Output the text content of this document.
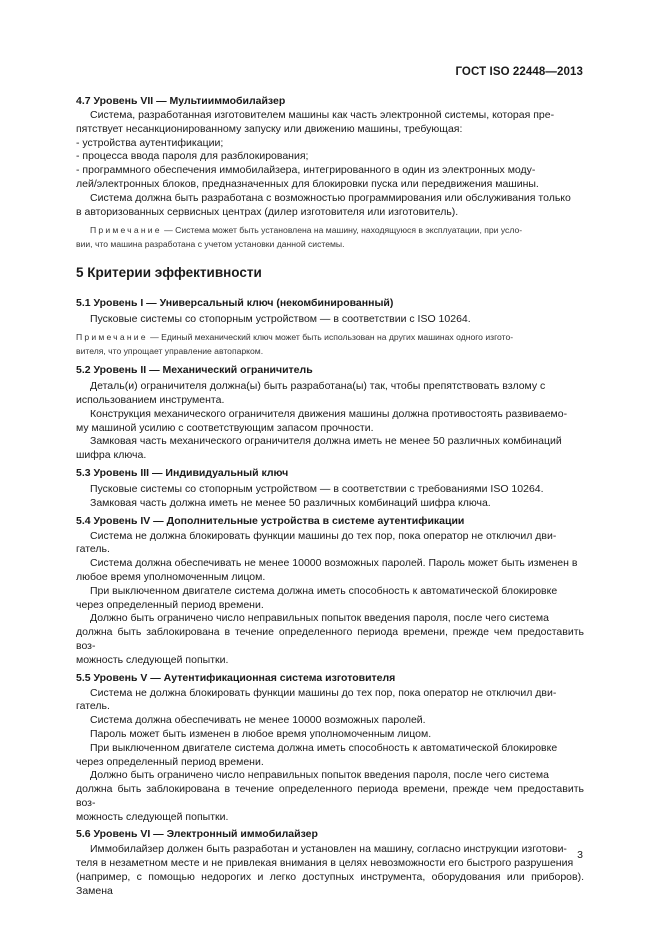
ГОСТ ISO 22448—2013
4.7 Уровень VII — Мультииммобилайзер

Система, разработанная изготовителем машины как часть электронной системы, которая пре-

пятствует несанкционированному запуску или движению машины, требующая:

- устройства аутентификации;

- процесса ввода пароля для разблокирования;

- программного обеспечения иммобилайзера, интегрированного в один из электронных моду-

лей/электронных блоков, предназначенных для блокировки пуска или передвижения машины.

Система должна быть разработана с возможностью программирования или обслуживания только

в авторизованных сервисных центрах (дилер изготовителя или изготовитель).

Примечание — Система может быть установлена на машину, находящуюся в эксплуатации, при усло-

вии, что машина разработана с учетом установки данной системы.

5 Критерии эффективности
5.1 Уровень I — Универсальный ключ (некомбинированный)

Пусковые системы со стопорным устройством — в соответствии с ISO 10264.

Примечание — Единый механический ключ может быть использован на других машинах одного изгото-

вителя, что упрощает управление автопарком.

5.2 Уровень II — Механический ограничитель

Деталь(и) ограничителя должна(ы) быть разработана(ы) так, чтобы препятствовать взлому с

использованием инструмента.

Конструкция механического ограничителя движения машины должна противостоять развиваемо-

му машиной усилию с соответствующим запасом прочности.

Замковая часть механического ограничителя должна иметь не менее 50 различных комбинаций

шифра ключа.

5.3 Уровень III — Индивидуальный ключ

Пусковые системы со стопорным устройством — в соответствии с требованиями ISO 10264.

Замковая часть должна иметь не менее 50 различных комбинаций шифра ключа.

5.4 Уровень IV — Дополнительные устройства в системе аутентификации

Система не должна блокировать функции машины до тех пор, пока оператор не отключил дви-

гатель.

Система должна обеспечивать не менее 10000 возможных паролей. Пароль может быть изменен в

любое время уполномоченным лицом.

При выключенном двигателе система должна иметь способность к автоматической блокировке

через определенный период времени.

Должно быть ограничено число неправильных попыток введения пароля, после чего система

должна быть заблокирована в течение определенного периода времени, прежде чем предоставить воз-

можность следующей попытки.

5.5 Уровень V — Аутентификационная система изготовителя

Система не должна блокировать функции машины до тех пор, пока оператор не отключил дви-

гатель.

Система должна обеспечивать не менее 10000 возможных паролей.

Пароль может быть изменен в любое время уполномоченным лицом.

При выключенном двигателе система должна иметь способность к автоматической блокировке

через определенный период времени.

Должно быть ограничено число неправильных попыток введения пароля, после чего система

должна быть заблокирована в течение определенного периода времени, прежде чем предоставить воз-

можность следующей попытки.

5.6 Уровень VI — Электронный иммобилайзер

Иммобилайзер должен быть разработан и установлен на машину, согласно инструкции изготови-

теля в незаметном месте и не привлекая внимания в целях невозможности его быстрого разрушения

(например, с помощью недорогих и легко доступных инструмента, оборудования или приборов). Замена

3
